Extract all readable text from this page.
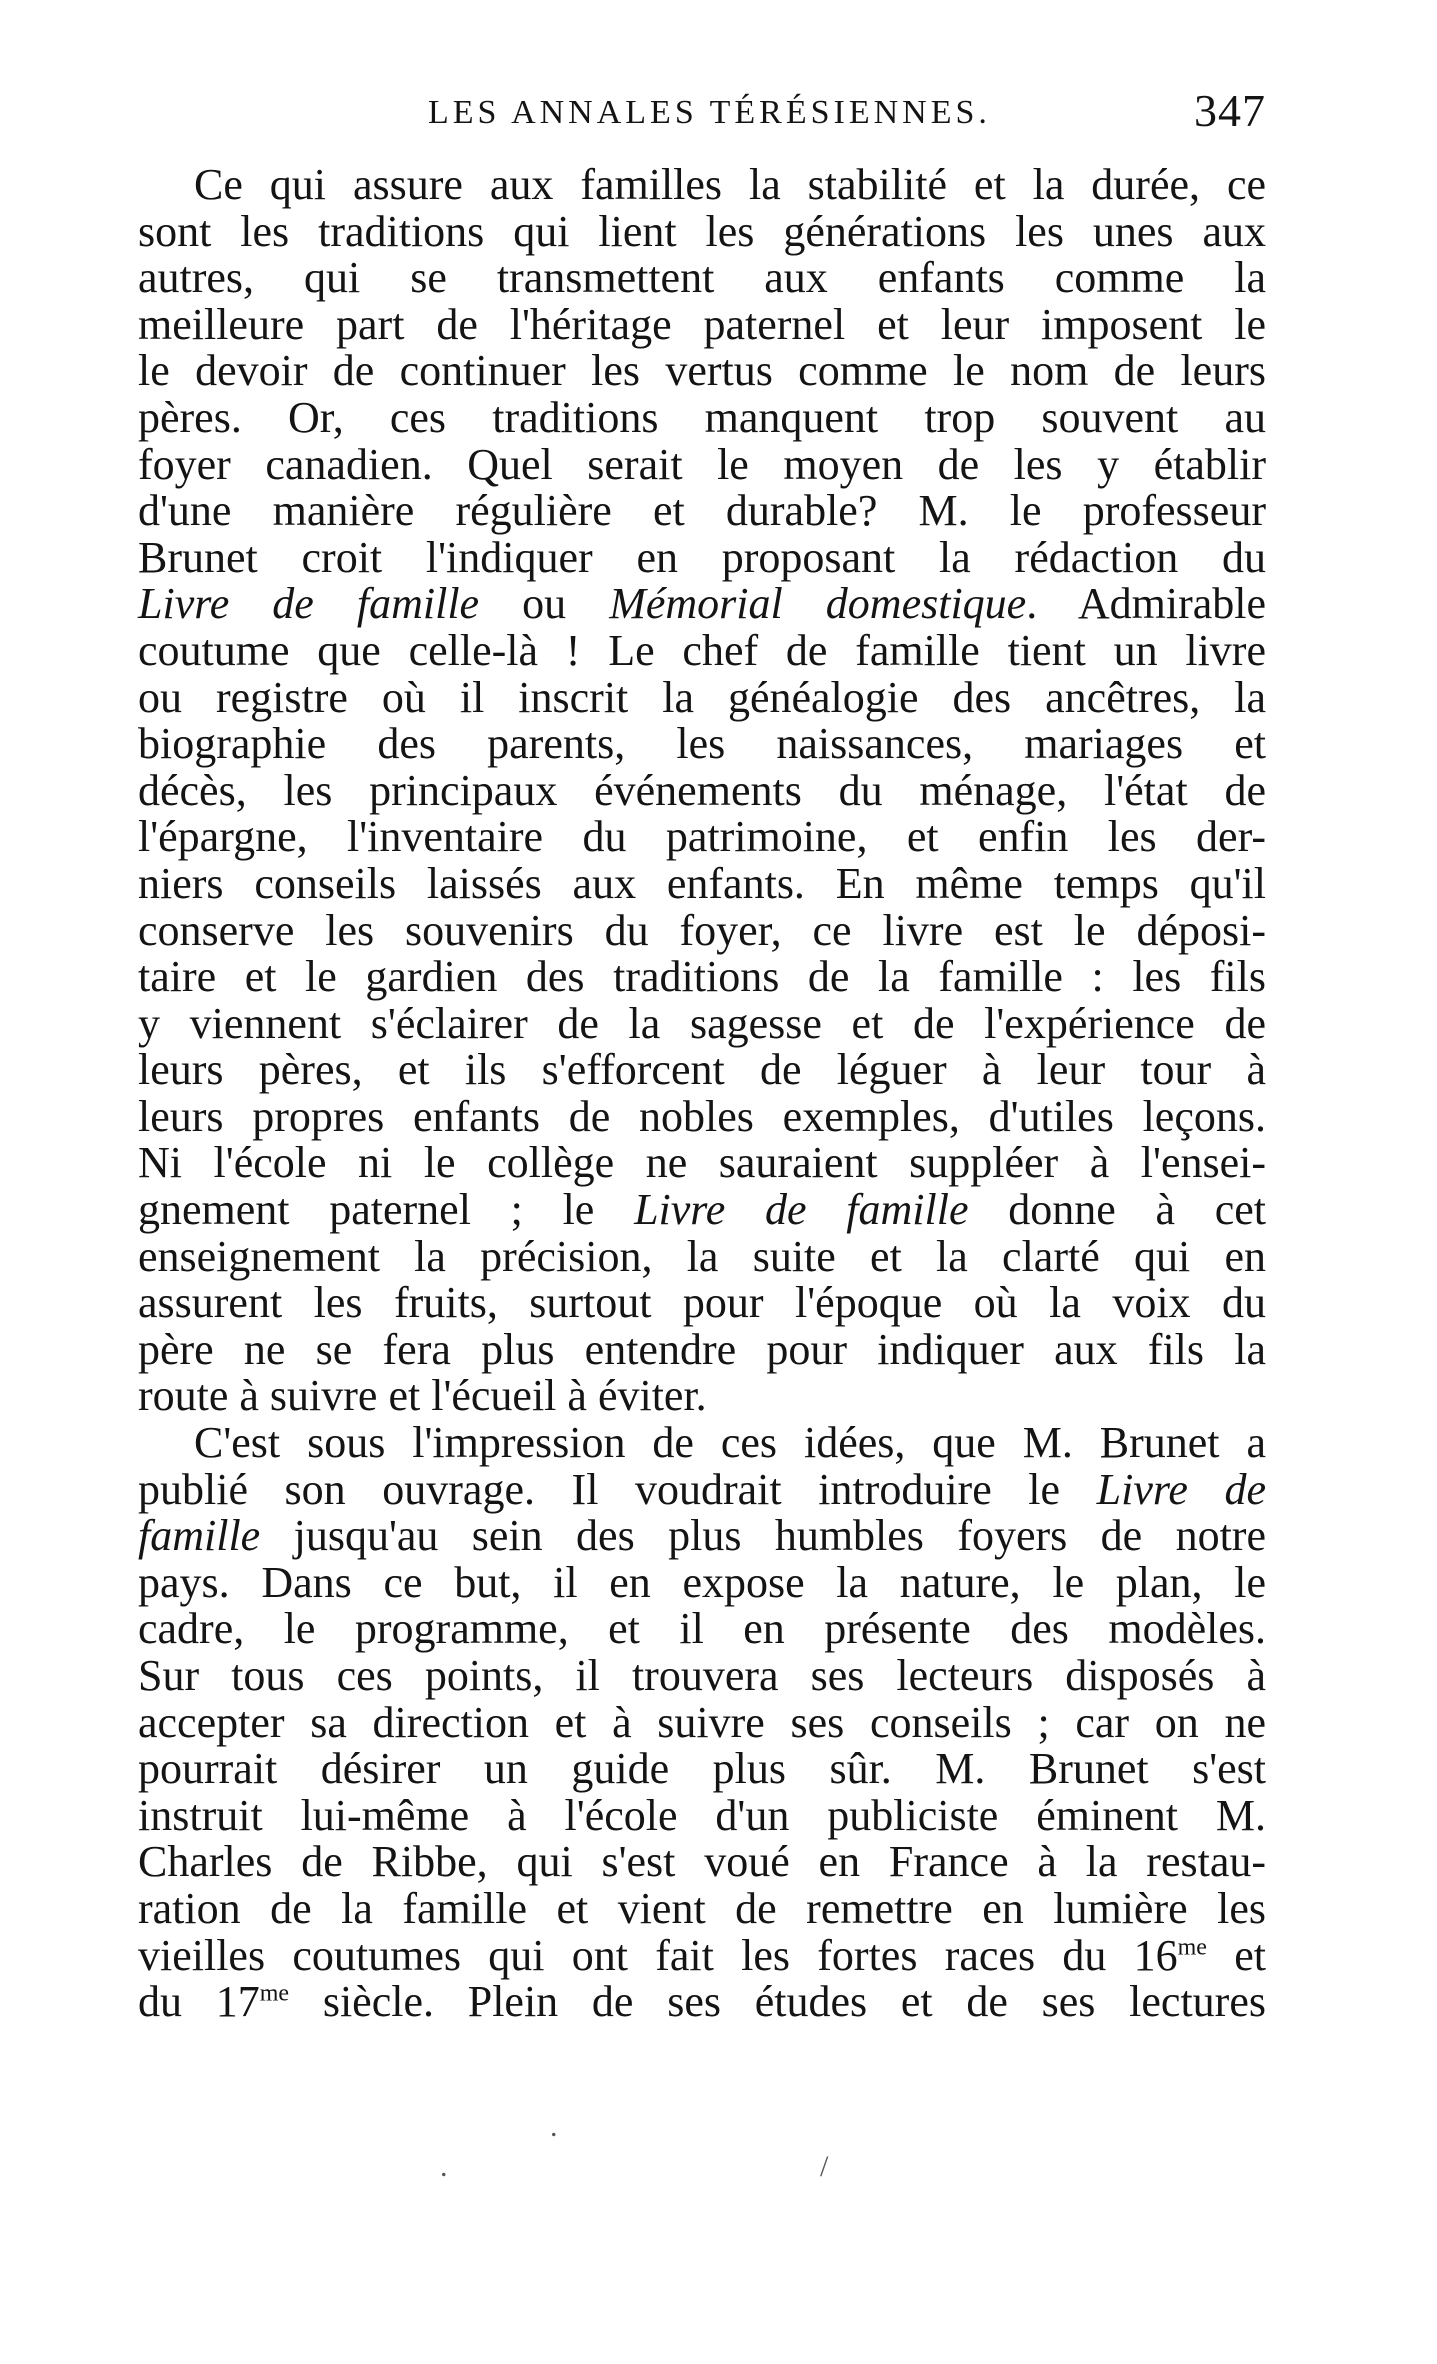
LES ANNALES TÉRÉSIENNES.	347
Ce qui assure aux familles la stabilité et la durée, ce
sont les traditions qui lient les générations les unes aux
autres, qui se transmettent aux enfants comme la
meilleure part de l'héritage paternel et leur imposent le
le devoir de continuer les vertus comme le nom de leurs
pères. Or, ces traditions manquent trop souvent au
foyer canadien. Quel serait le moyen de les y établir
d'une manière régulière et durable? M. le professeur
Brunet croit l'indiquer en proposant la rédaction du
Livre de famille ou Mémorial domestique. Admirable
coutume que celle-là ! Le chef de famille tient un livre
ou registre où il inscrit la généalogie des ancêtres, la
biographie des parents, les naissances, mariages et
décès, les principaux événements du ménage, l'état de
l'épargne, l'inventaire du patrimoine, et enfin les der-
niers conseils laissés aux enfants. En même temps qu'il
conserve les souvenirs du foyer, ce livre est le déposi-
taire et le gardien des traditions de la famille : les fils
y viennent s'éclairer de la sagesse et de l'expérience de
leurs pères, et ils s'efforcent de léguer à leur tour à
leurs propres enfants de nobles exemples, d'utiles leçons.
Ni l'école ni le collège ne sauraient suppléer à l'ensei-
gnement paternel ; le Livre de famille donne à cet
enseignement la précision, la suite et la clarté qui en
assurent les fruits, surtout pour l'époque où la voix du
père ne se fera plus entendre pour indiquer aux fils la
route à suivre et l'écueil à éviter.
C'est sous l'impression de ces idées, que M. Brunet a
publié son ouvrage. Il voudrait introduire le Livre de
famille jusqu'au sein des plus humbles foyers de notre
pays. Dans ce but, il en expose la nature, le plan, le
cadre, le programme, et il en présente des modèles.
Sur tous ces points, il trouvera ses lecteurs disposés à
accepter sa direction et à suivre ses conseils ; car on ne
pourrait désirer un guide plus sûr. M. Brunet s'est
instruit lui-même à l'école d'un publiciste éminent M.
Charles de Ribbe, qui s'est voué en France à la restau-
ration de la famille et vient de remettre en lumière les
vieilles coutumes qui ont fait les fortes races du $16^{me}$ et
du $17^{me}$ siècle. Plein de ses études et de ses lectures
.
.	/
